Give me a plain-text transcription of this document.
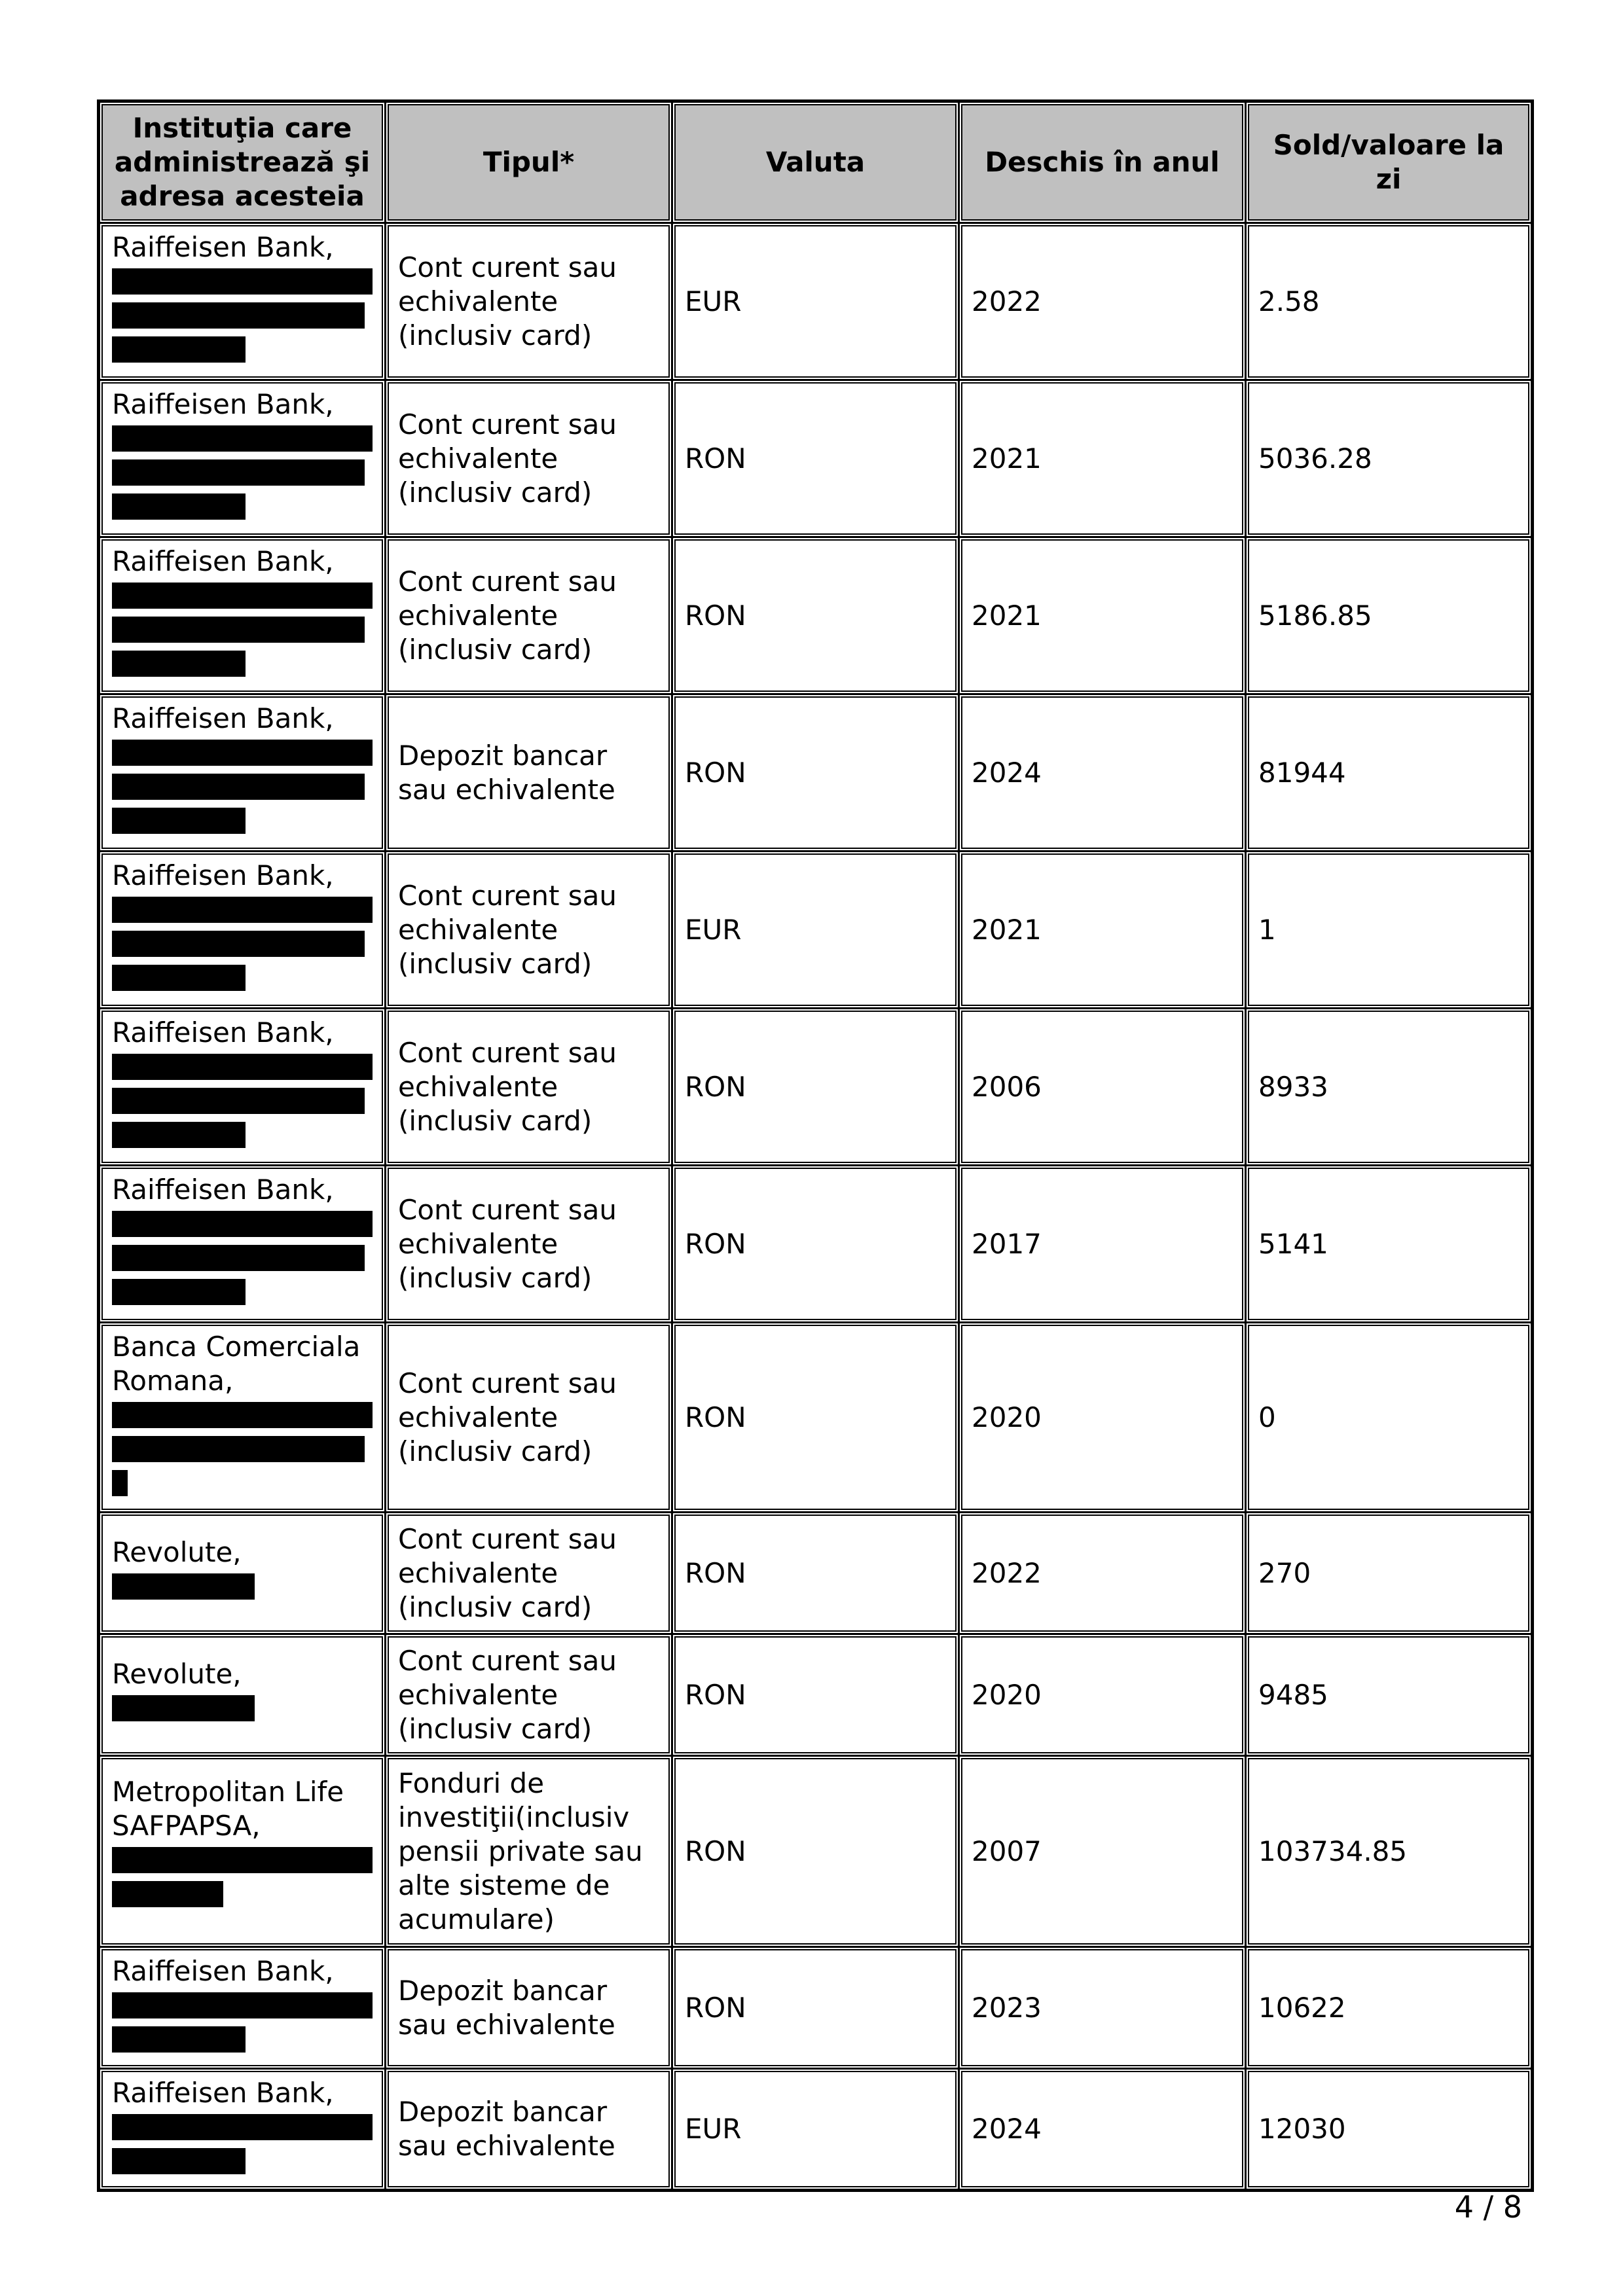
Instituţia care administrează şi adresa acesteia	Tipul*	Valuta	Deschis în anul	Sold/valoare la zi

Raiffeisen Bank,	Cont curent sau echivalente (inclusiv card)	EUR	2022	2.58

Raiffeisen Bank,	Cont curent sau echivalente (inclusiv card)	RON	2021	5036.28

Raiffeisen Bank,	Cont curent sau echivalente (inclusiv card)	RON	2021	5186.85

Raiffeisen Bank,	Depozit bancar sau echivalente	RON	2024	81944

Raiffeisen Bank,	Cont curent sau echivalente (inclusiv card)	EUR	2021	1

Raiffeisen Bank,	Cont curent sau echivalente (inclusiv card)	RON	2006	8933

Raiffeisen Bank,	Cont curent sau echivalente (inclusiv card)	RON	2017	5141

Banca Comerciala Romana,	Cont curent sau echivalente (inclusiv card)	RON	2020	0

Revolute,	Cont curent sau echivalente (inclusiv card)	RON	2022	270

Revolute,	Cont curent sau echivalente (inclusiv card)	RON	2020	9485

Metropolitan Life SAFPAPSA,	Fonduri de investiţii(inclusiv pensii private sau alte sisteme de acumulare)	RON	2007	103734.85

Raiffeisen Bank,	Depozit bancar sau echivalente	RON	2023	10622

Raiffeisen Bank,	Depozit bancar sau echivalente	EUR	2024	12030
4 / 8
